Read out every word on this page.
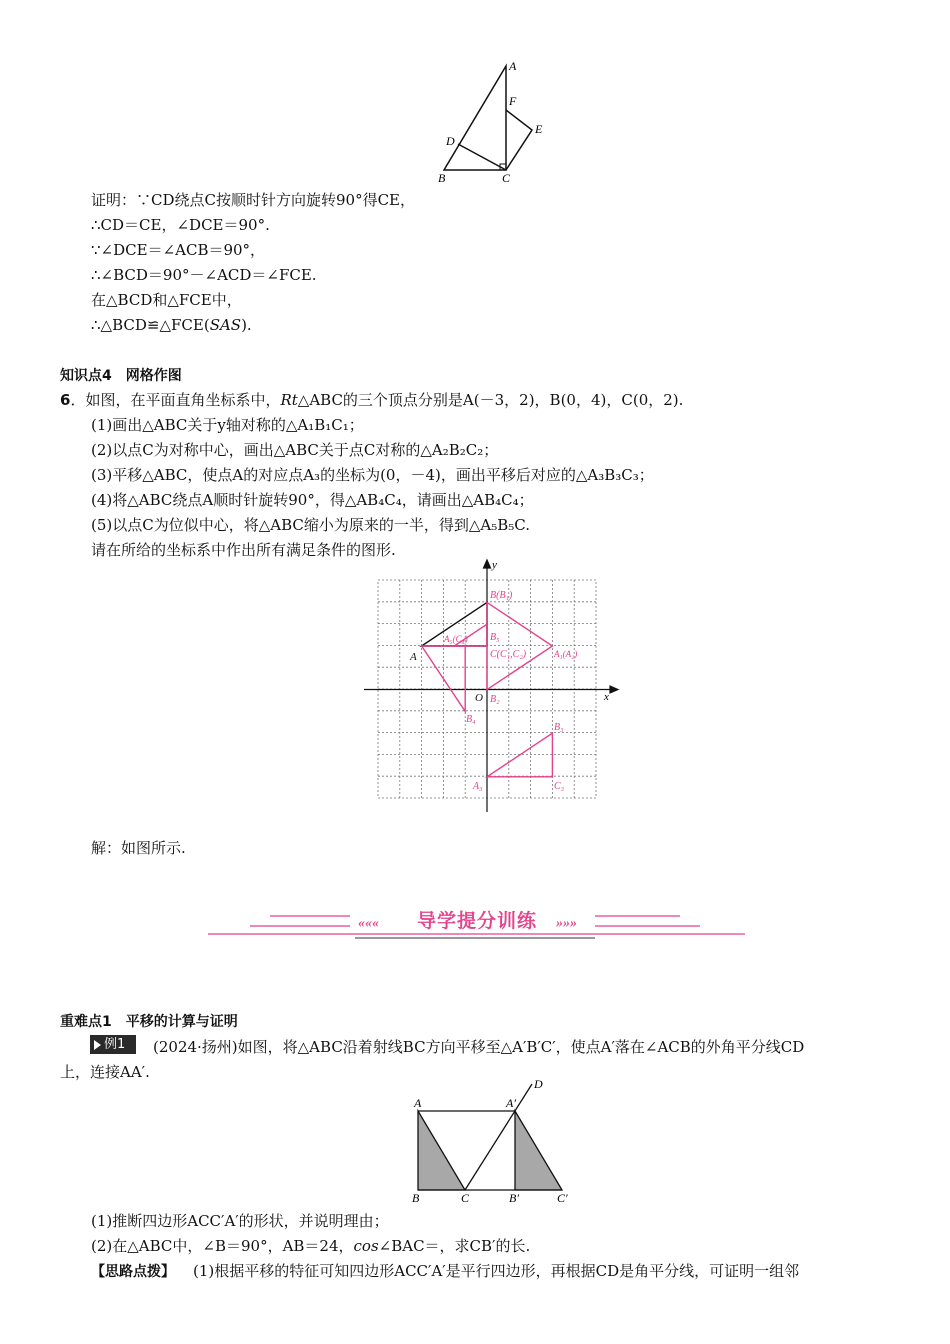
A
F
E
D
B	C
证明：∵CD绕点C按顺时针方向旋转90°得CE，
∴CD＝CE，∠DCE＝90°.
∵∠DCE＝∠ACB＝90°，
∴∠BCD＝90°－∠ACD＝∠FCE.
在△BCD和△FCE中，
∴△BCD≌△FCE(SAS).
知识点4　网格作图
6．如图，在平面直角坐标系中，Rt△ABC的三个顶点分别是A(－3，2)，B(0，4)，C(0，2).
(1)画出△ABC关于y轴对称的△A₁B₁C₁；
(2)以点C为对称中心，画出△ABC关于点C对称的△A₂B₂C₂；
(3)平移△ABC，使点A的对应点A₃的坐标为(0，－4)，画出平移后对应的△A₃B₃C₃；
(4)将△ABC绕点A顺时针旋转90°，得△AB₄C₄，请画出△AB₄C₄；
(5)以点C为位似中心，将△ABC缩小为原来的一半，得到△A₅B₅C.
请在所给的坐标系中作出所有满足条件的图形.
x
y
O
A
B(B₁)
A₅(C₄) B₅
C(C₁,C₂)	A₁(A₂)
B₂
B₄
B₃
A₃	C₃
解：如图所示.
«««	»»»
导学提分训练
重难点1　平移的计算与证明
例1	(2024·扬州)如图，将△ABC沿着射线BC方向平移至△A′B′C′，使点A′落在∠ACB的外角平分线CD
上，连接AA′.
A	A′
D
B	C	B′	C′
(1)推断四边形ACC′A′的形状，并说明理由；
(2)在△ABC中，∠B＝90°，AB＝24，cos∠BAC＝，求CB′的长.
【思路点拨】 (1)根据平移的特征可知四边形ACC′A′是平行四边形，再根据CD是角平分线，可证明一组邻
